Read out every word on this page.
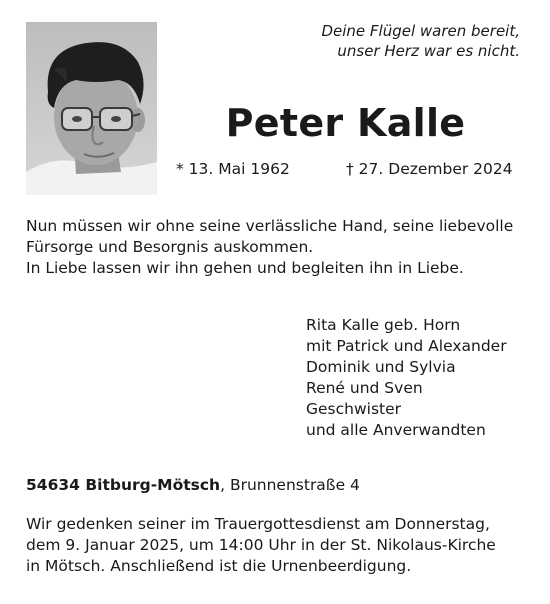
Deine Flügel waren bereit,
unser Herz war es nicht.
Peter Kalle
* 13. Mai 1962	† 27. Dezember 2024
Nun müssen wir ohne seine verlässliche Hand, seine liebevolle
Fürsorge und Besorgnis auskommen.
In Liebe lassen wir ihn gehen und begleiten ihn in Liebe.
Rita Kalle geb. Horn
mit Patrick und Alexander
Dominik und Sylvia
René und Sven
Geschwister
und alle Anverwandten
54634 Bitburg-Mötsch, Brunnenstraße 4
Wir gedenken seiner im Trauergottesdienst am Donnerstag,
dem 9. Januar 2025, um 14:00 Uhr in der St. Nikolaus-Kirche
in Mötsch. Anschließend ist die Urnenbeerdigung.
